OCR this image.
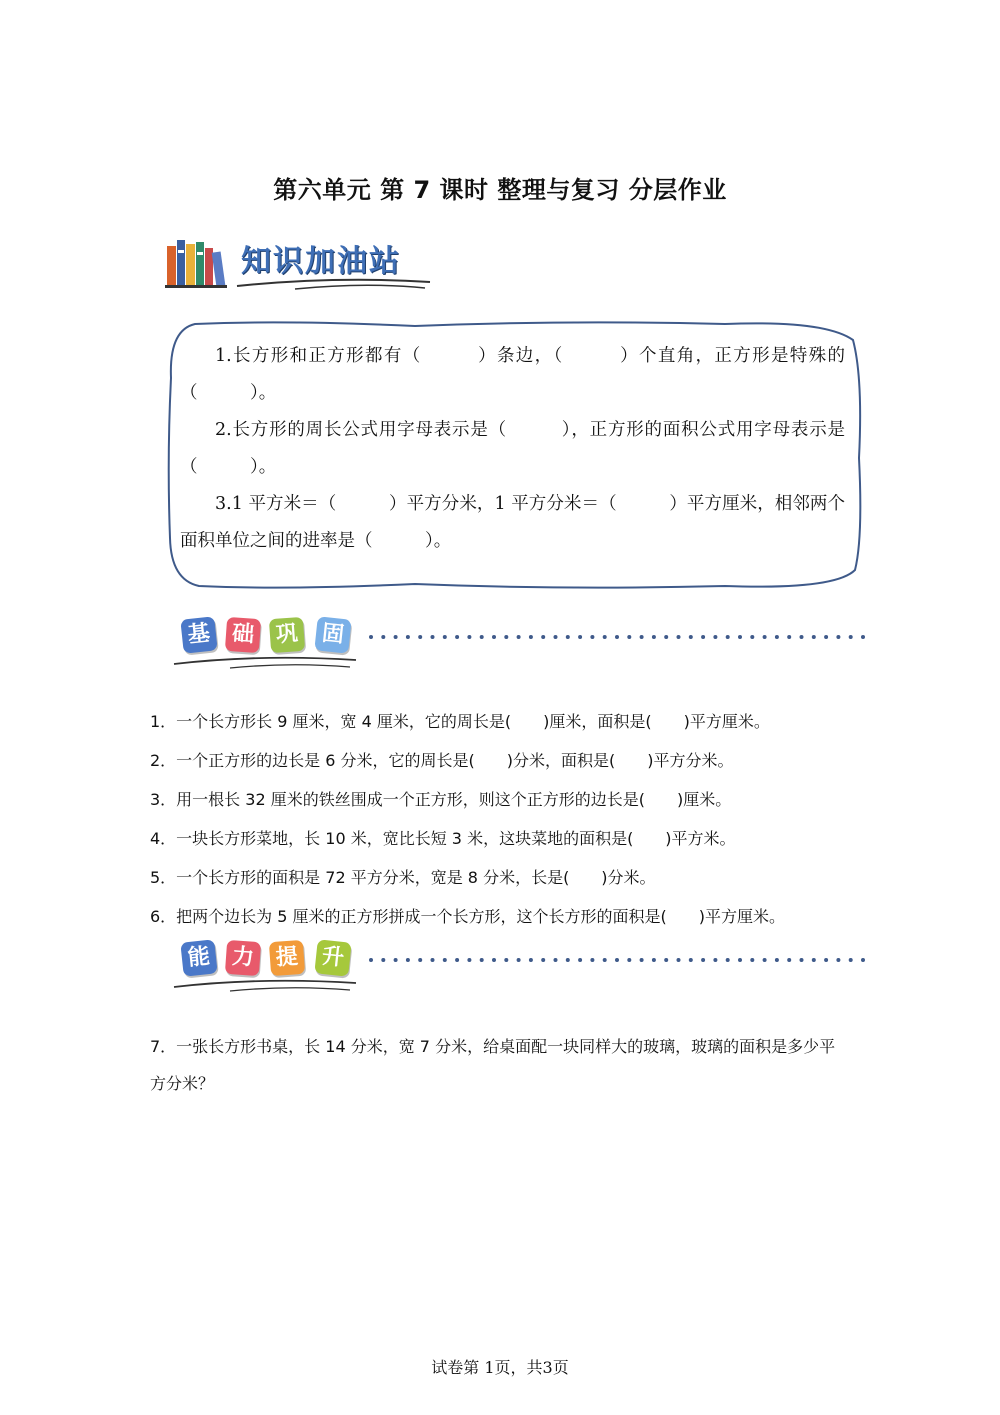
第六单元 第 7 课时 整理与复习 分层作业
知识加油站

1.长方形和正方形都有（　　　）条边，（　　　）个直角，正方形是特殊的（　　　）。

2.长方形的周长公式用字母表示是（　　　），正方形的面积公式用字母表示是（　　　）。

3.1 平方米＝（　　　）平方分米，1 平方分米＝（　　　）平方厘米，相邻两个面积单位之间的进率是（　　　）。

基 础 巩 固
1．一个长方形长 9 厘米，宽 4 厘米，它的周长是(　　)厘米，面积是(　　)平方厘米。
2．一个正方形的边长是 6 分米，它的周长是(　　)分米，面积是(　　)平方分米。
3．用一根长 32 厘米的铁丝围成一个正方形，则这个正方形的边长是(　　)厘米。
4．一块长方形菜地，长 10 米，宽比长短 3 米，这块菜地的面积是(　　)平方米。
5．一个长方形的面积是 72 平方分米，宽是 8 分米，长是(　　)分米。
6．把两个边长为 5 厘米的正方形拼成一个长方形，这个长方形的面积是(　　)平方厘米。
能 力 提 升
7．一张长方形书桌，长 14 分米，宽 7 分米，给桌面配一块同样大的玻璃，玻璃的面积是多少平方分米？
试卷第 1页，共3页
